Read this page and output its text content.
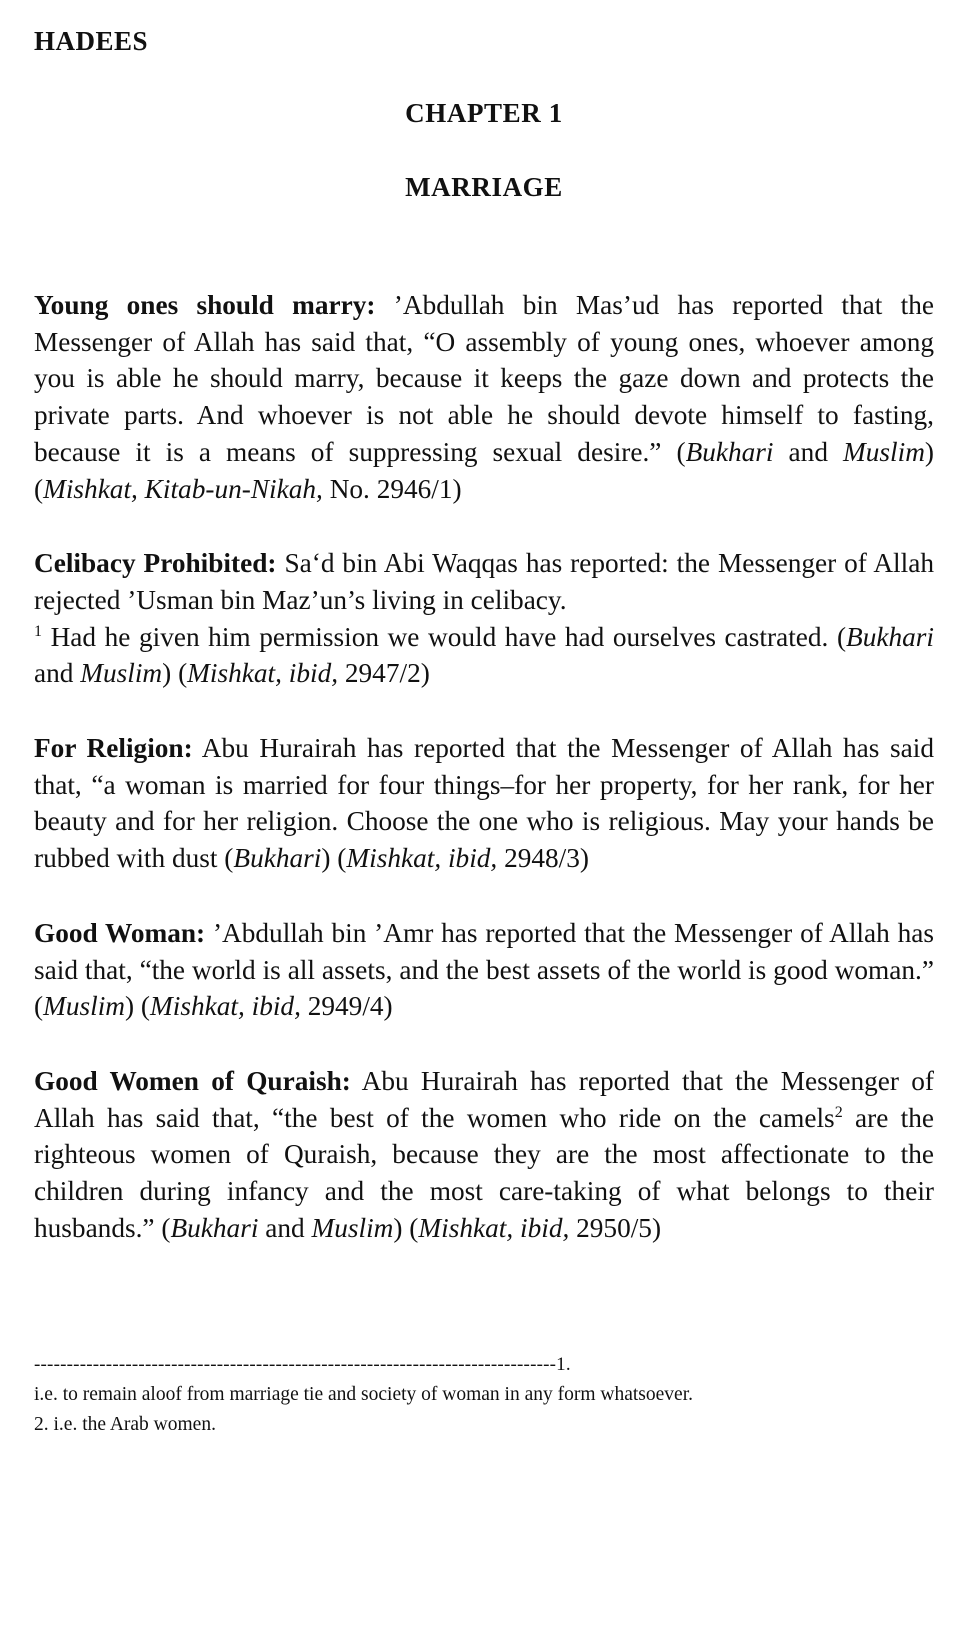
HADEES
CHAPTER 1
MARRIAGE

Young ones should marry: ’Abdullah bin Mas’ud has reported that the Messenger of Allah has said that, “O assembly of young ones, whoever among you is able he should marry, because it keeps the gaze down and protects the private parts. And whoever is not able he should devote himself to fasting, because it is a means of suppressing sexual desire.” (Bukhari and Muslim) (Mishkat, Kitab-un-Nikah, No. 2946/1)

Celibacy Prohibited: Sa‘d bin Abi Waqqas has reported: the Messenger of Allah rejected ’Usman bin Maz’un’s living in celibacy.
$^1$ Had he given him permission we would have had ourselves castrated. (Bukhari and Muslim) (Mishkat, ibid, 2947/2)

For Religion: Abu Hurairah has reported that the Messenger of Allah has said that, “a woman is married for four things–for her property, for her rank, for her beauty and for her religion. Choose the one who is religious. May your hands be rubbed with dust (Bukhari) (Mishkat, ibid, 2948/3)

Good Woman: ’Abdullah bin ’Amr has reported that the Messenger of Allah has said that, “the world is all assets, and the best assets of the world is good woman.” (Muslim) (Mishkat, ibid, 2949/4)

Good Women of Quraish: Abu Hurairah has reported that the Messenger of Allah has said that, “the best of the women who ride on the camels$^2$ are the righteous women of Quraish, because they are the most affectionate to the children during infancy and the most care-taking of what belongs to their husbands.” (Bukhari and Muslim) (Mishkat, ibid, 2950/5)

--------------------------------------------------------------------------------1.

i.e. to remain aloof from marriage tie and society of woman in any form whatsoever.

2. i.e. the Arab women.
